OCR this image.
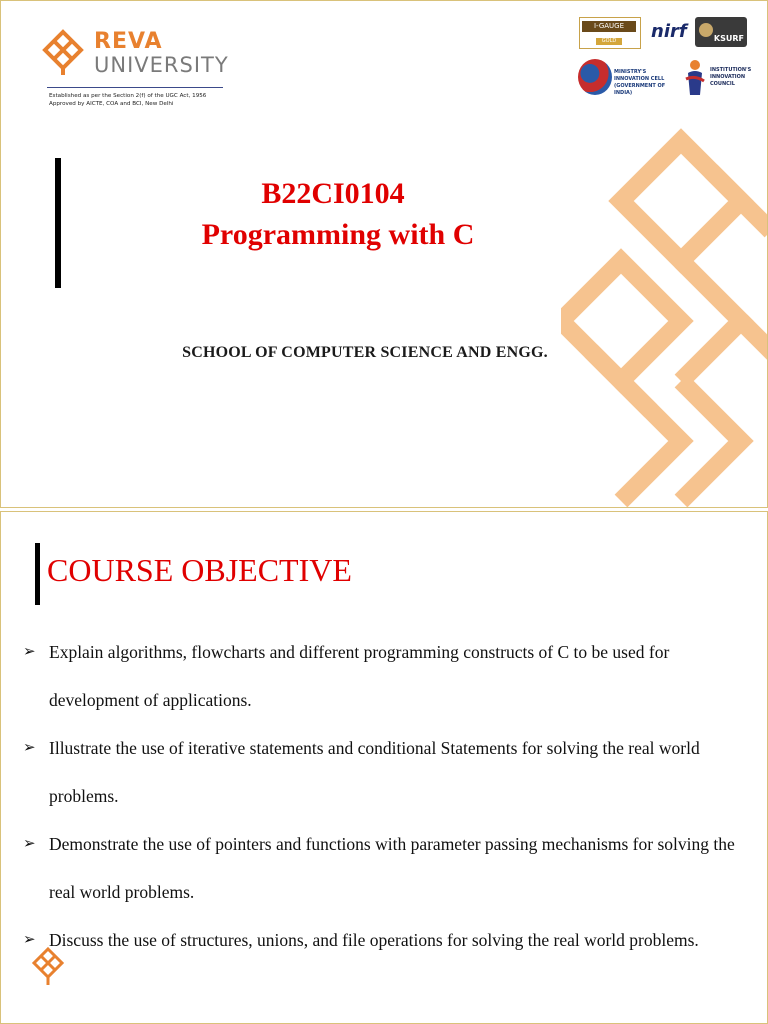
REVA
UNIVERSITY
Established as per the Section 2(f) of the UGC Act, 1956
Approved by AICTE, COA and BCI, New Delhi
I-GAUGE
GOLD	nirf	KSURF
MINISTRY'S
INNOVATION CELL
(GOVERNMENT OF INDIA)
INSTITUTION'S
INNOVATION
COUNCIL
B22CI0104
Programming with C
SCHOOL OF COMPUTER SCIENCE AND ENGG.
COURSE OBJECTIVE
➢ Explain algorithms, flowcharts and different programming constructs of C to be used for development of applications.
➢ Illustrate the use of iterative statements and conditional Statements for solving the real world problems.
➢ Demonstrate the use of pointers and functions with parameter passing mechanisms for solving the real world problems.
➢ Discuss the use of structures, unions, and file operations for solving the real world problems.
